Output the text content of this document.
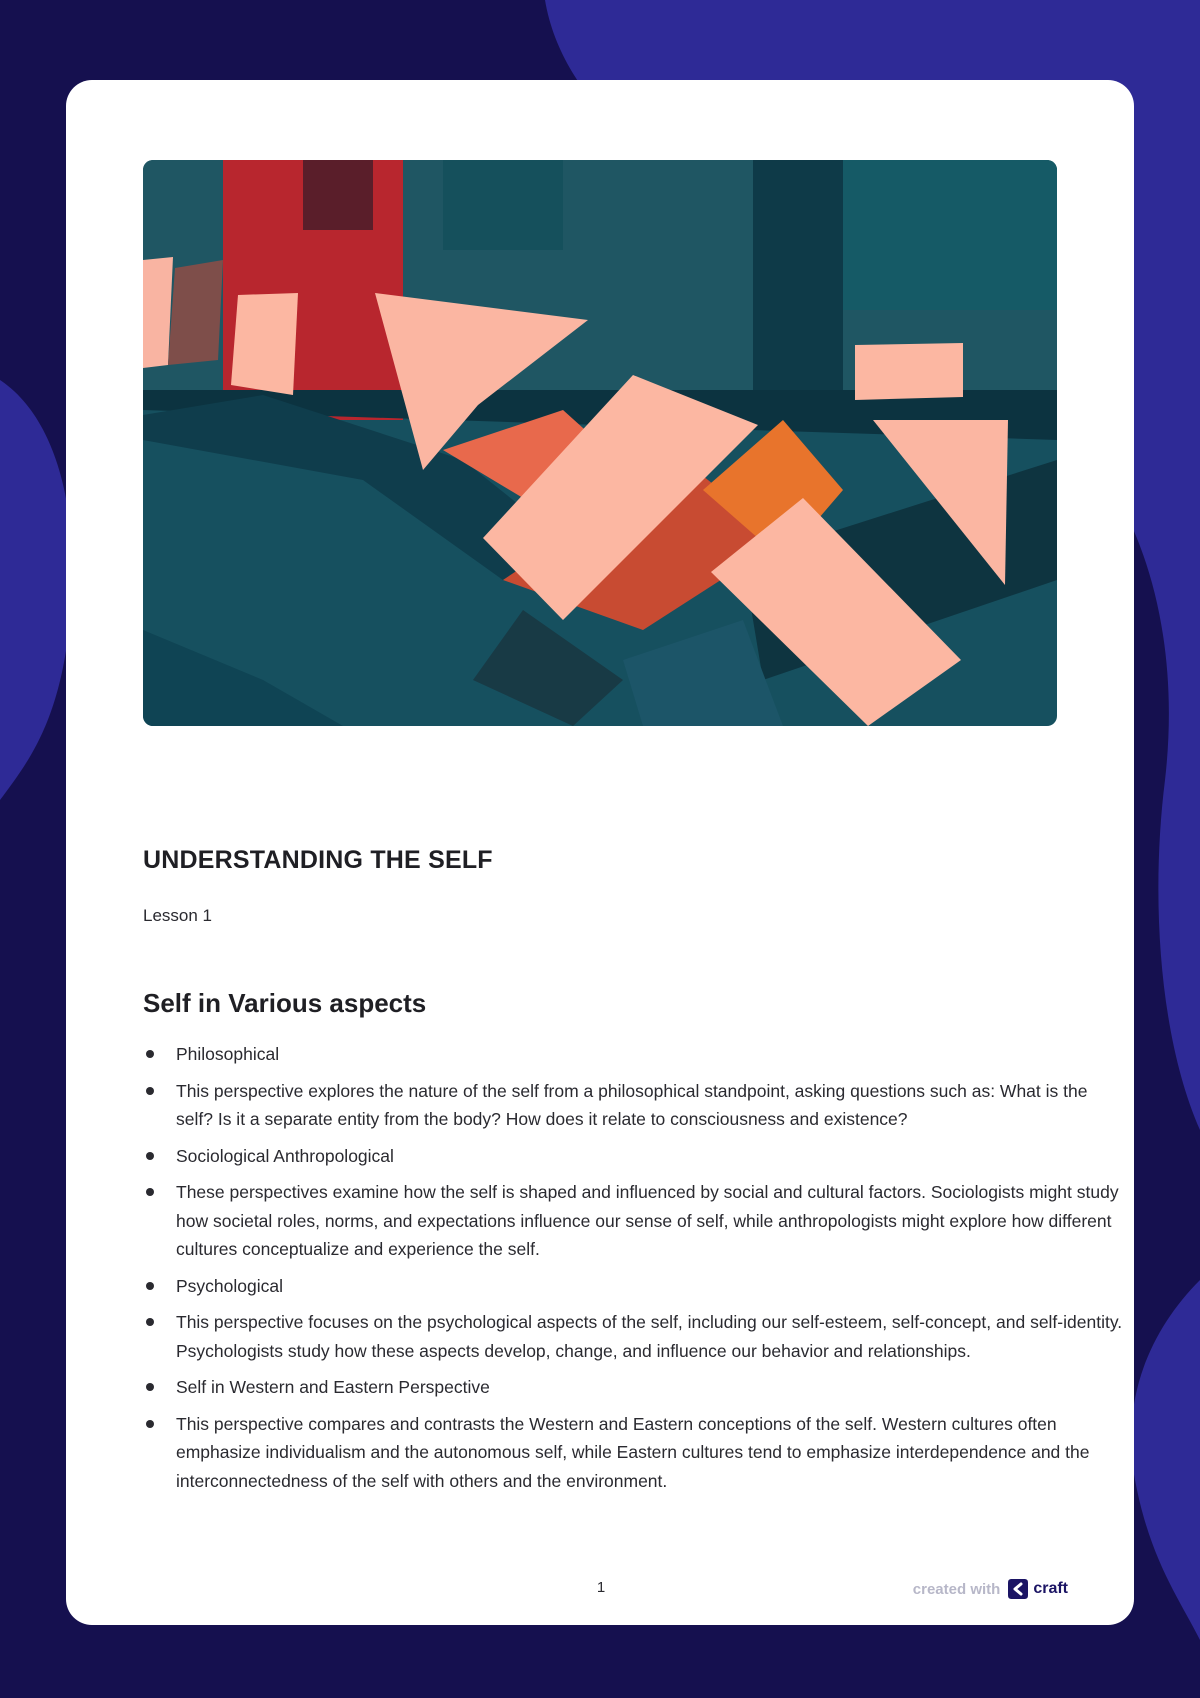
UNDERSTANDING THE SELF

Lesson 1

Self in Various aspects
Philosophical
This perspective explores the nature of the self from a philosophical standpoint, asking questions such as: What is the self? Is it a separate entity from the body? How does it relate to consciousness and existence?
Sociological Anthropological
These perspectives examine how the self is shaped and influenced by social and cultural factors. Sociologists might study how societal roles, norms, and expectations influence our sense of self, while anthropologists might explore how different cultures conceptualize and experience the self.
Psychological
This perspective focuses on the psychological aspects of the self, including our self-esteem, self-concept, and self-identity. Psychologists study how these aspects develop, change, and influence our behavior and relationships.
Self in Western and Eastern Perspective
This perspective compares and contrasts the Western and Eastern conceptions of the self. Western cultures often emphasize individualism and the autonomous self, while Eastern cultures tend to emphasize interdependence and the interconnectedness of the self with others and the environment.
1	created with craft
